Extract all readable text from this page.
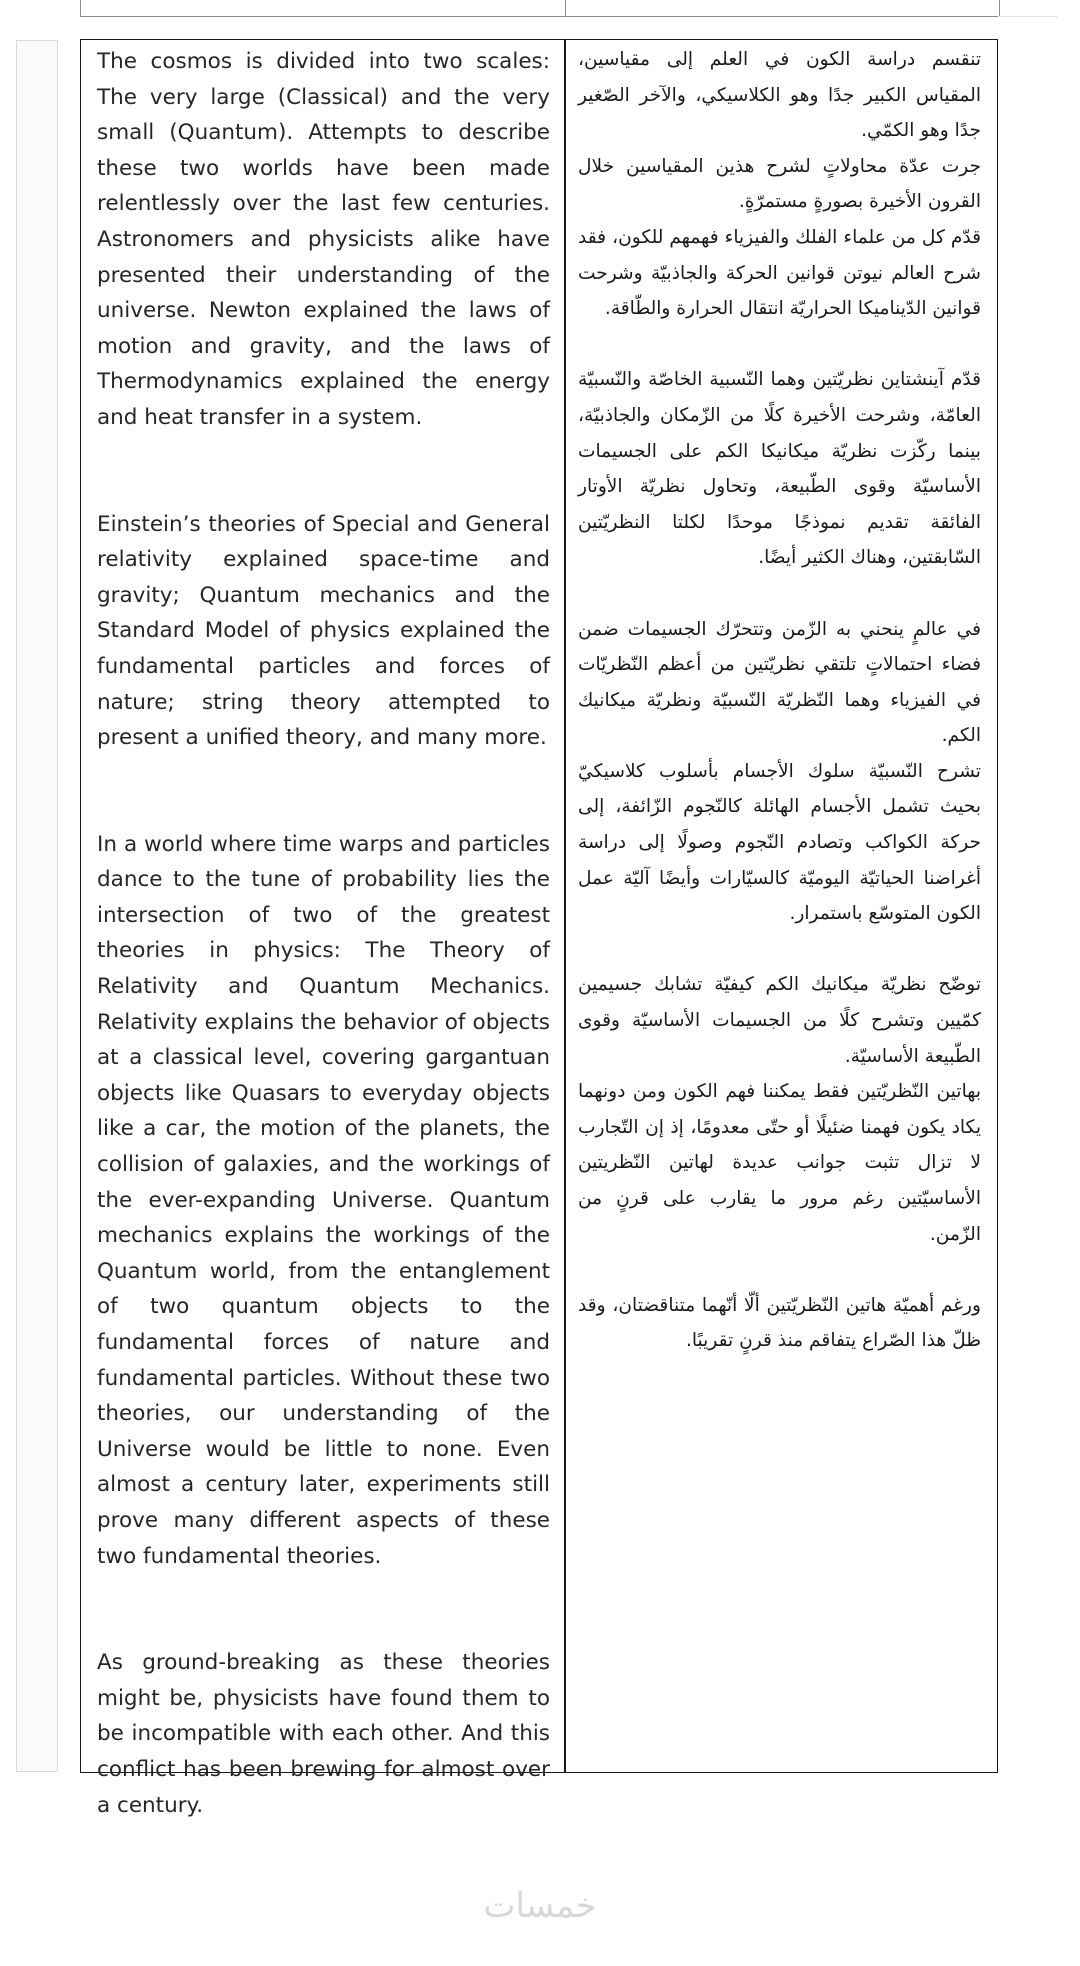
The cosmos is divided into two scales: The very large (Classical) and the very small (Quantum). Attempts to describe these two worlds have been made relentlessly over the last few centuries. Astronomers and physicists alike have presented their understanding of the universe. Newton explained the laws of motion and gravity, and the laws of Thermodynamics explained the energy and heat transfer in a system.

Einstein’s theories of Special and General relativity explained space-time and gravity; Quantum mechanics and the Standard Model of physics explained the fundamental particles and forces of nature; string theory attempted to present a unified theory, and many more.

In a world where time warps and particles dance to the tune of probability lies the intersection of two of the greatest theories in physics: The Theory of Relativity and Quantum Mechanics. Relativity explains the behavior of objects at a classical level, covering gargantuan objects like Quasars to everyday objects like a car, the motion of the planets, the collision of galaxies, and the workings of the ever-expanding Universe. Quantum mechanics explains the workings of the Quantum world, from the entanglement of two quantum objects to the fundamental forces of nature and fundamental particles. Without these two theories, our understanding of the Universe would be little to none. Even almost a century later, experiments still prove many different aspects of these two fundamental theories.

As ground-breaking as these theories might be, physicists have found them to be incompatible with each other. And this conflict has been brewing for almost over a century.

تنقسم دراسة الكون في العلم إلى مقياسين، المقياس الكبير جدًا وهو الكلاسيكي، والآخر الصّغير جدًا وهو الكمّي.

جرت عدّة محاولاتٍ لشرح هذين المقياسين خلال القرون الأخيرة بصورةٍ مستمرّةٍ.

قدّم كل من علماء الفلك والفيزياء فهمهم للكون، فقد شرح العالم نيوتن قوانين الحركة والجاذبيّة وشرحت قوانين الدّيناميكا الحراريّة انتقال الحرارة والطّاقة.

قدّم آينشتاين نظريّتين وهما النّسبية الخاصّة والنّسبيّة العامّة، وشرحت الأخيرة كلًا من الزّمكان والجاذبيّة، بينما ركّزت نظريّة ميكانيكا الكم على الجسيمات الأساسيّة وقوى الطّبيعة، وتحاول نظريّة الأوتار الفائقة تقديم نموذجًا موحدًا لكلتا النظريّتين السّابقتين، وهناك الكثير أيضًا.

في عالمٍ ينحني به الزّمن وتتحرّك الجسيمات ضمن فضاء احتمالاتٍ تلتقي نظريّتين من أعظم النّظريّات في الفيزياء وهما النّظريّة النّسبيّة ونظريّة ميكانيك الكم.

تشرح النّسبيّة سلوك الأجسام بأسلوب كلاسيكيّ بحيث تشمل الأجسام الهائلة كالنّجوم الزّائفة، إلى حركة الكواكب وتصادم النّجوم وصولًا إلى دراسة أغراضنا الحياتيّة اليوميّة كالسيّارات وأيضًا آليّة عمل الكون المتوسّع باستمرار.

توضّح نظريّة ميكانيك الكم كيفيّة تشابك جسيمين كمّيين وتشرح كلًا من الجسيمات الأساسيّة وقوى الطّبيعة الأساسيّة.

بهاتين النّظريّتين فقط يمكننا فهم الكون ومن دونهما يكاد يكون فهمنا ضئيلًا أو حتّى معدومًا، إذ إن التّجارب لا تزال تثبت جوانب عديدة لهاتين النّظريتين الأساسيّتين رغم مرور ما يقارب على قرنٍ من الزّمن.

ورغم أهميّة هاتين النّظريّتين ألّا أنّهما متناقضتان، وقد ظلّ هذا الصّراع يتفاقم منذ قرنٍ تقريبًا.

خمسات
